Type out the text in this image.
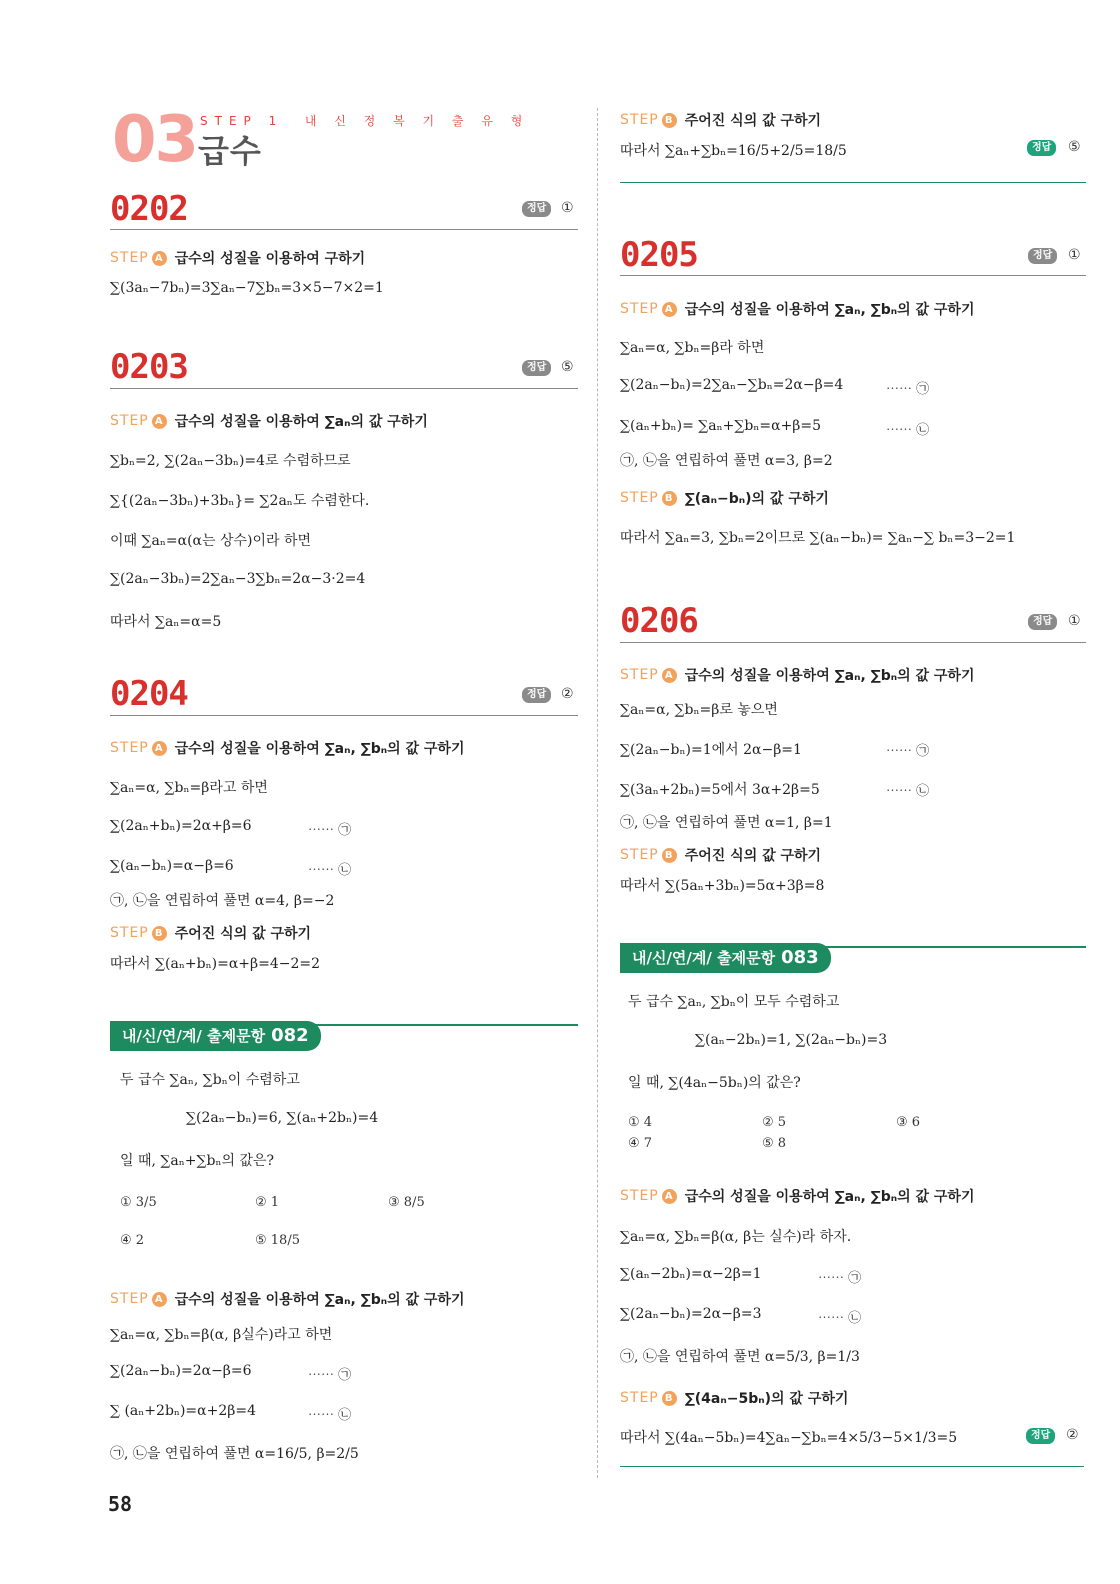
03 STEP 1  내 신 정 복 기 출 유 형
급수
0202	정답	①
STEP A 급수의 성질을 이용하여 구하기
∑(3aₙ−7bₙ)=3∑aₙ−7∑bₙ=3×5−7×2=1
0203	정답	⑤
STEP A 급수의 성질을 이용하여 ∑aₙ의 값 구하기
∑bₙ=2, ∑(2aₙ−3bₙ)=4로 수렴하므로
∑{(2aₙ−3bₙ)+3bₙ}= ∑2aₙ도 수렴한다.
이때 ∑aₙ=α(α는 상수)이라 하면
∑(2aₙ−3bₙ)=2∑aₙ−3∑bₙ=2α−3·2=4
따라서 ∑aₙ=α=5
0204	정답	②
STEP A 급수의 성질을 이용하여 ∑aₙ, ∑bₙ의 값 구하기
∑aₙ=α, ∑bₙ=β라고 하면
∑(2aₙ+bₙ)=2α+β=6	⋯⋯ ㉠
∑(aₙ−bₙ)=α−β=6	⋯⋯ ㉡
㉠, ㉡을 연립하여 풀면 α=4, β=−2
STEP B 주어진 식의 값 구하기
따라서 ∑(aₙ+bₙ)=α+β=4−2=2
내/신/연/계/ 출제문항 082
두 급수 ∑aₙ, ∑bₙ이 수렴하고
∑(2aₙ−bₙ)=6, ∑(aₙ+2bₙ)=4
일 때, ∑aₙ+∑bₙ의 값은?
① 3/5	② 1	③ 8/5
④ 2	⑤ 18/5
STEP A 급수의 성질을 이용하여 ∑aₙ, ∑bₙ의 값 구하기
∑aₙ=α, ∑bₙ=β(α, β실수)라고 하면
∑(2aₙ−bₙ)=2α−β=6	⋯⋯ ㉠
∑ (aₙ+2bₙ)=α+2β=4	⋯⋯ ㉡
㉠, ㉡을 연립하여 풀면 α=16/5, β=2/5
58
STEP B 주어진 식의 값 구하기
따라서 ∑aₙ+∑bₙ=16/5+2/5=18/5	정답	⑤
0205	정답	①
STEP A 급수의 성질을 이용하여 ∑aₙ, ∑bₙ의 값 구하기
∑aₙ=α, ∑bₙ=β라 하면
∑(2aₙ−bₙ)=2∑aₙ−∑bₙ=2α−β=4	⋯⋯ ㉠
∑(aₙ+bₙ)= ∑aₙ+∑bₙ=α+β=5	⋯⋯ ㉡
㉠, ㉡을 연립하여 풀면 α=3, β=2
STEP B ∑(aₙ−bₙ)의 값 구하기
따라서 ∑aₙ=3, ∑bₙ=2이므로 ∑(aₙ−bₙ)= ∑aₙ−∑ bₙ=3−2=1
0206	정답	①
STEP A 급수의 성질을 이용하여 ∑aₙ, ∑bₙ의 값 구하기
∑aₙ=α, ∑bₙ=β로 놓으면
∑(2aₙ−bₙ)=1에서 2α−β=1	⋯⋯ ㉠
∑(3aₙ+2bₙ)=5에서 3α+2β=5	⋯⋯ ㉡
㉠, ㉡을 연립하여 풀면 α=1, β=1
STEP B 주어진 식의 값 구하기
따라서 ∑(5aₙ+3bₙ)=5α+3β=8
내/신/연/계/ 출제문항 083
두 급수 ∑aₙ, ∑bₙ이 모두 수렴하고
∑(aₙ−2bₙ)=1, ∑(2aₙ−bₙ)=3
일 때, ∑(4aₙ−5bₙ)의 값은?
① 4	② 5	③ 6
④ 7	⑤ 8
STEP A 급수의 성질을 이용하여 ∑aₙ, ∑bₙ의 값 구하기
∑aₙ=α, ∑bₙ=β(α, β는 실수)라 하자.
∑(aₙ−2bₙ)=α−2β=1	⋯⋯ ㉠
∑(2aₙ−bₙ)=2α−β=3	⋯⋯ ㉡
㉠, ㉡을 연립하여 풀면 α=5/3, β=1/3
STEP B ∑(4aₙ−5bₙ)의 값 구하기
따라서 ∑(4aₙ−5bₙ)=4∑aₙ−∑bₙ=4×5/3−5×1/3=5	정답	②
